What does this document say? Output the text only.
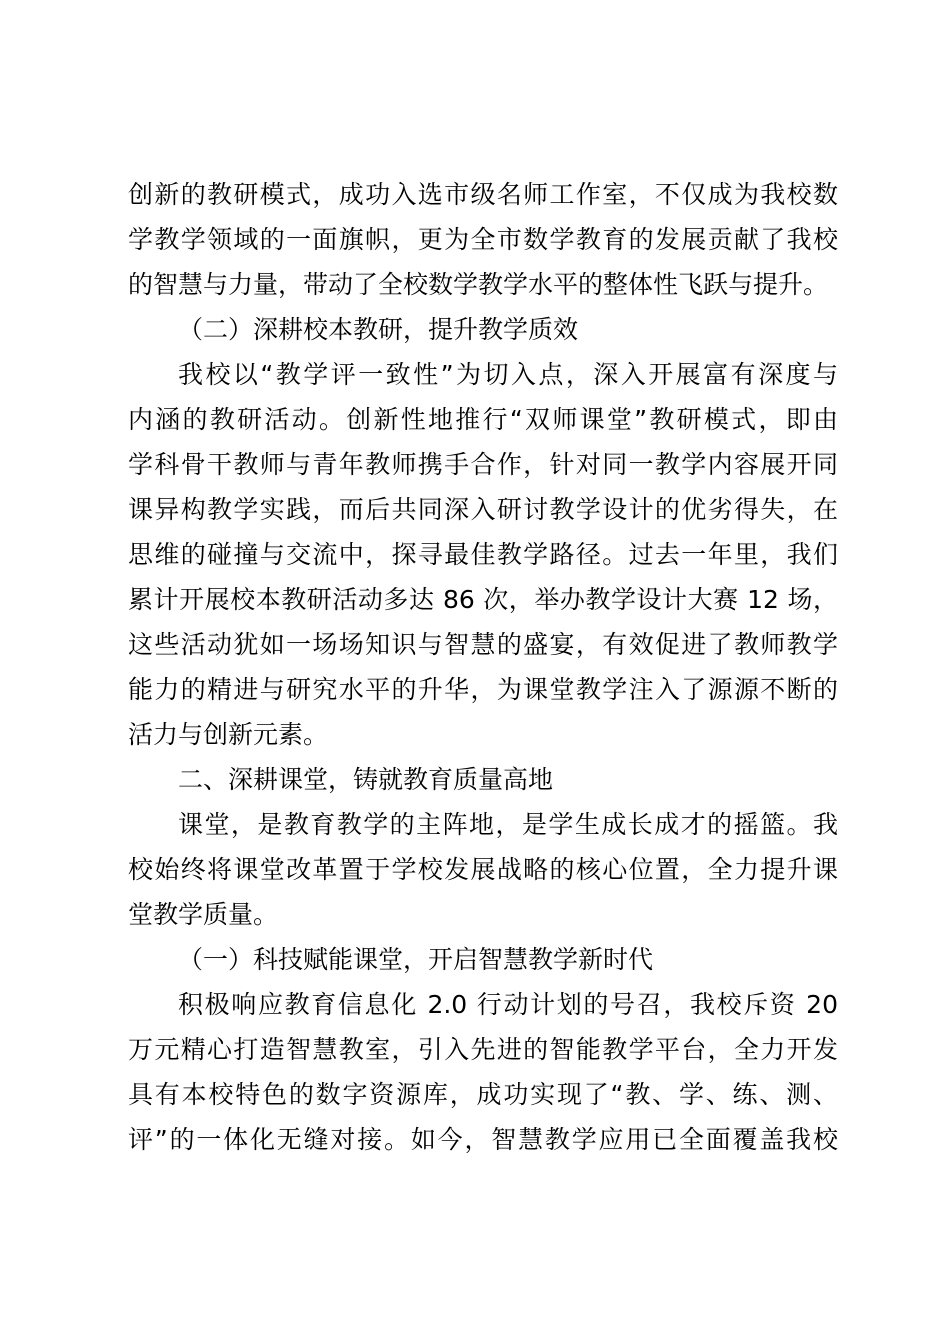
创新的教研模式，成功入选市级名师工作室，不仅成为我校数
学教学领域的一面旗帜，更为全市数学教育的发展贡献了我校
的智慧与力量，带动了全校数学教学水平的整体性飞跃与提升。
（二）深耕校本教研，提升教学质效
我校以“教学评一致性”为切入点，深入开展富有深度与
内涵的教研活动。创新性地推行“双师课堂”教研模式，即由
学科骨干教师与青年教师携手合作，针对同一教学内容展开同
课异构教学实践，而后共同深入研讨教学设计的优劣得失，在
思维的碰撞与交流中，探寻最佳教学路径。过去一年里，我们
累计开展校本教研活动多达 86 次，举办教学设计大赛 12 场，
这些活动犹如一场场知识与智慧的盛宴，有效促进了教师教学
能力的精进与研究水平的升华，为课堂教学注入了源源不断的
活力与创新元素。
二、深耕课堂，铸就教育质量高地
课堂，是教育教学的主阵地，是学生成长成才的摇篮。我
校始终将课堂改革置于学校发展战略的核心位置，全力提升课
堂教学质量。
（一）科技赋能课堂，开启智慧教学新时代
积极响应教育信息化 2.0 行动计划的号召，我校斥资 20
万元精心打造智慧教室，引入先进的智能教学平台，全力开发
具有本校特色的数字资源库，成功实现了“教、学、练、测、
评”的一体化无缝对接。如今，智慧教学应用已全面覆盖我校
